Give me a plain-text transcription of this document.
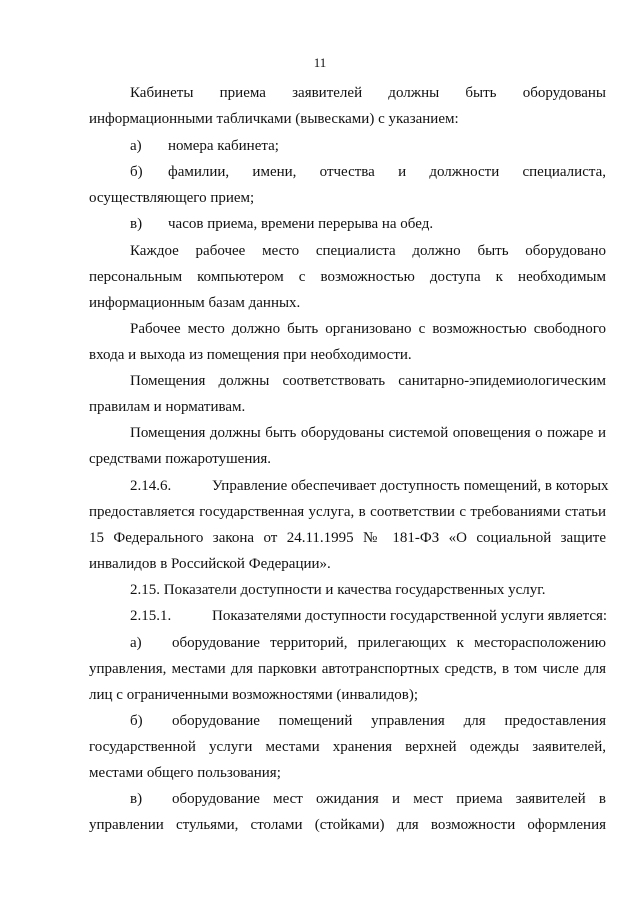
11
Кабинеты приема заявителей должны быть оборудованы
информационными табличками (вывесками) с указанием:
а) номера кабинета;
б) фамилии, имени, отчества и должности специалиста,
осуществляющего прием;
в) часов приема, времени перерыва на обед.
Каждое рабочее место специалиста должно быть оборудовано
персональным компьютером с возможностью доступа к необходимым
информационным базам данных.
Рабочее место должно быть организовано с возможностью свободного
входа и выхода из помещения при необходимости.
Помещения должны соответствовать санитарно-эпидемиологическим
правилам и нормативам.
Помещения должны быть оборудованы системой оповещения о пожаре и
средствами пожаротушения.
2.14.6.	Управление обеспечивает доступность помещений, в которых
предоставляется государственная услуга, в соответствии с требованиями статьи
15 Федерального закона от 24.11.1995 № 181-ФЗ «О социальной защите
инвалидов в Российской Федерации».
2.15. Показатели доступности и качества государственных услуг.
2.15.1.	Показателями доступности государственной услуги является:
а) оборудование территорий, прилегающих к месторасположению
управления, местами для парковки автотранспортных средств, в том числе для
лиц с ограниченными возможностями (инвалидов);
б) оборудование помещений управления для предоставления
государственной услуги местами хранения верхней одежды заявителей,
местами общего пользования;
в) оборудование мест ожидания и мест приема заявителей в
управлении стульями, столами (стойками) для возможности оформления
